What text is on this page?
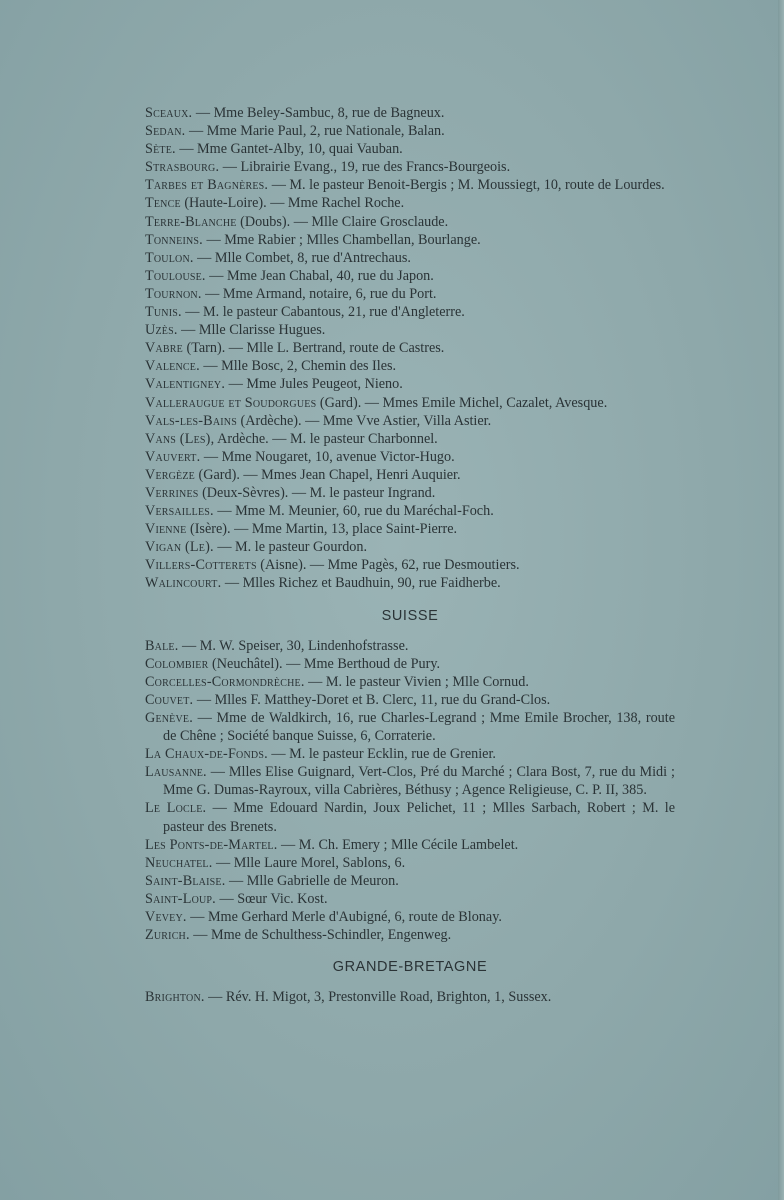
Sceaux. — Mme Beley-Sambuc, 8, rue de Bagneux.

Sedan. — Mme Marie Paul, 2, rue Nationale, Balan.

Sète. — Mme Gantet-Alby, 10, quai Vauban.

Strasbourg. — Librairie Evang., 19, rue des Francs-Bourgeois.

Tarbes et Bagnères. — M. le pasteur Benoit-Bergis ; M. Moussiegt, 10, route de Lourdes.

Tence (Haute-Loire). — Mme Rachel Roche.

Terre-Blanche (Doubs). — Mlle Claire Grosclaude.

Tonneins. — Mme Rabier ; Mlles Chambellan, Bourlange.

Toulon. — Mlle Combet, 8, rue d'Antrechaus.

Toulouse. — Mme Jean Chabal, 40, rue du Japon.

Tournon. — Mme Armand, notaire, 6, rue du Port.

Tunis. — M. le pasteur Cabantous, 21, rue d'Angleterre.

Uzès. — Mlle Clarisse Hugues.

Vabre (Tarn). — Mlle L. Bertrand, route de Castres.

Valence. — Mlle Bosc, 2, Chemin des Iles.

Valentigney. — Mme Jules Peugeot, Nieno.

Valleraugue et Soudorgues (Gard). — Mmes Emile Michel, Cazalet, Avesque.

Vals-les-Bains (Ardèche). — Mme Vve Astier, Villa Astier.

Vans (Les), Ardèche. — M. le pasteur Charbonnel.

Vauvert. — Mme Nougaret, 10, avenue Victor-Hugo.

Vergèze (Gard). — Mmes Jean Chapel, Henri Auquier.

Verrines (Deux-Sèvres). — M. le pasteur Ingrand.

Versailles. — Mme M. Meunier, 60, rue du Maréchal-Foch.

Vienne (Isère). — Mme Martin, 13, place Saint-Pierre.

Vigan (Le). — M. le pasteur Gourdon.

Villers-Cotterets (Aisne). — Mme Pagès, 62, rue Desmoutiers.

Walincourt. — Mlles Richez et Baudhuin, 90, rue Faidherbe.

SUISSE

Bale. — M. W. Speiser, 30, Lindenhofstrasse.

Colombier (Neuchâtel). — Mme Berthoud de Pury.

Corcelles-Cormondrèche. — M. le pasteur Vivien ; Mlle Cornud.

Couvet. — Mlles F. Matthey-Doret et B. Clerc, 11, rue du Grand-Clos.

Genève. — Mme de Waldkirch, 16, rue Charles-Legrand ; Mme Emile Brocher, 138, route de Chêne ; Société banque Suisse, 6, Corraterie.

La Chaux-de-Fonds. — M. le pasteur Ecklin, rue de Grenier.

Lausanne. — Mlles Elise Guignard, Vert-Clos, Pré du Marché ; Clara Bost, 7, rue du Midi ; Mme G. Dumas-Rayroux, villa Cabrières, Béthusy ; Agence Religieuse, C. P. II, 385.

Le Locle. — Mme Edouard Nardin, Joux Pelichet, 11 ; Mlles Sarbach, Robert ; M. le pasteur des Brenets.

Les Ponts-de-Martel. — M. Ch. Emery ; Mlle Cécile Lambelet.

Neuchatel. — Mlle Laure Morel, Sablons, 6.

Saint-Blaise. — Mlle Gabrielle de Meuron.

Saint-Loup. — Sœur Vic. Kost.

Vevey. — Mme Gerhard Merle d'Aubigné, 6, route de Blonay.

Zurich. — Mme de Schulthess-Schindler, Engenweg.

GRANDE-BRETAGNE

Brighton. — Rév. H. Migot, 3, Prestonville Road, Brighton, 1, Sussex.
